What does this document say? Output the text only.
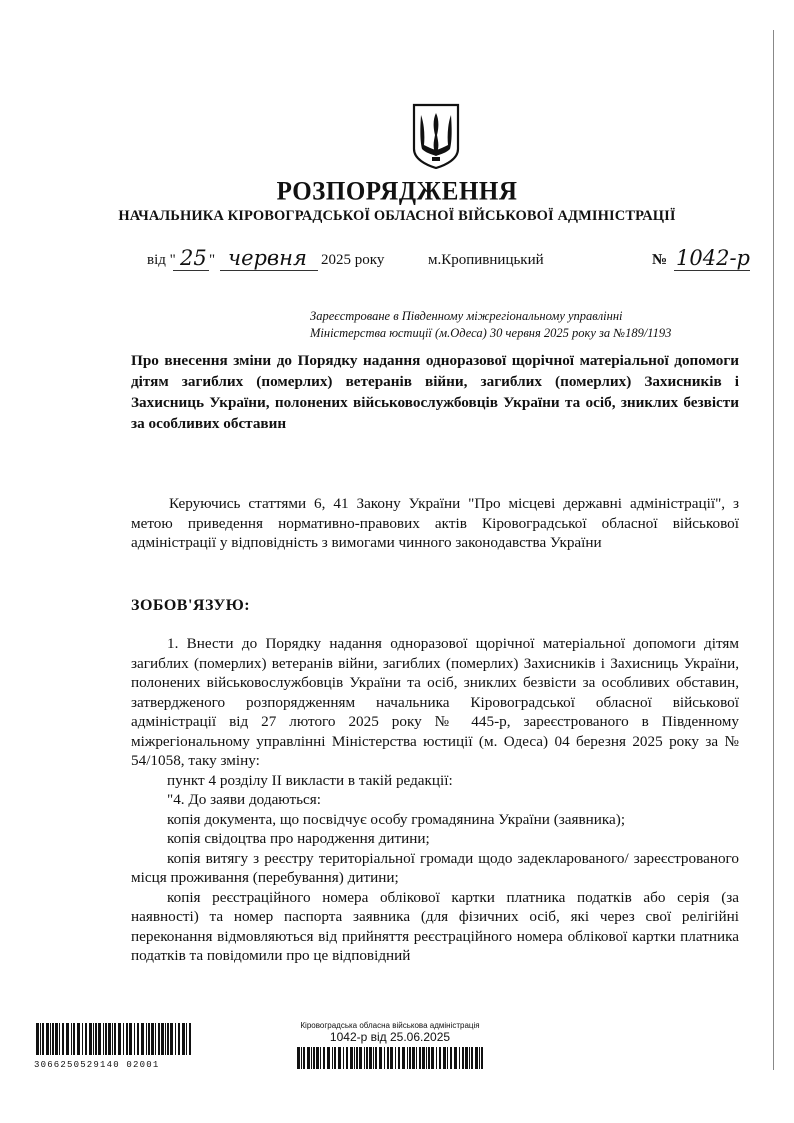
РОЗПОРЯДЖЕННЯ
НАЧАЛЬНИКА КІРОВОГРАДСЬКОЇ ОБЛАСНОЇ ВІЙСЬКОВОЇ АДМІНІСТРАЦІЇ
від " 25 " червня 2025 року	м.Кропивницький	№ 1042-р
Зареєстроване в Південному міжрегіональному управлінні
Міністерства юстиції (м.Одеса) 30 червня 2025 року за №189/1193
Про внесення зміни до Порядку надання одноразової щорічної матеріальної допомоги дітям загиблих (померлих) ветеранів війни, загиблих (померлих) Захисників і Захисниць України, полонених військовослужбовців України та осіб, зниклих безвісти за особливих обставин
Керуючись статтями 6, 41 Закону України "Про місцеві державні адміністрації", з метою приведення нормативно-правових актів Кіровоградської обласної військової адміністрації у відповідність з вимогами чинного законодавства України
ЗОБОВ'ЯЗУЮ:
1. Внести до Порядку надання одноразової щорічної матеріальної допомоги дітям загиблих (померлих) ветеранів війни, загиблих (померлих) Захисників і Захисниць України, полонених військовослужбовців України та осіб, зниклих безвісти за особливих обставин, затвердженого розпорядженням начальника Кіровоградської обласної військової адміністрації від 27 лютого 2025 року № 445-р, зареєстрованого в Південному міжрегіональному управлінні Міністерства юстиції (м. Одеса) 04 березня 2025 року за № 54/1058, таку зміну:
пункт 4 розділу ІІ викласти в такій редакції:
"4. До заяви додаються:
копія документа, що посвідчує особу громадянина України (заявника);
копія свідоцтва про народження дитини;
копія витягу з реєстру територіальної громади щодо задекларованого/ зареєстрованого місця проживання (перебування) дитини;
копія реєстраційного номера облікової картки платника податків або серія (за наявності) та номер паспорта заявника (для фізичних осіб, які через свої релігійні переконання відмовляються від прийняття реєстраційного номера облікової картки платника податків та повідомили про це відповідний
3066250529140 02001
Кіровоградська обласна військова адміністрація
1042-р від 25.06.2025
